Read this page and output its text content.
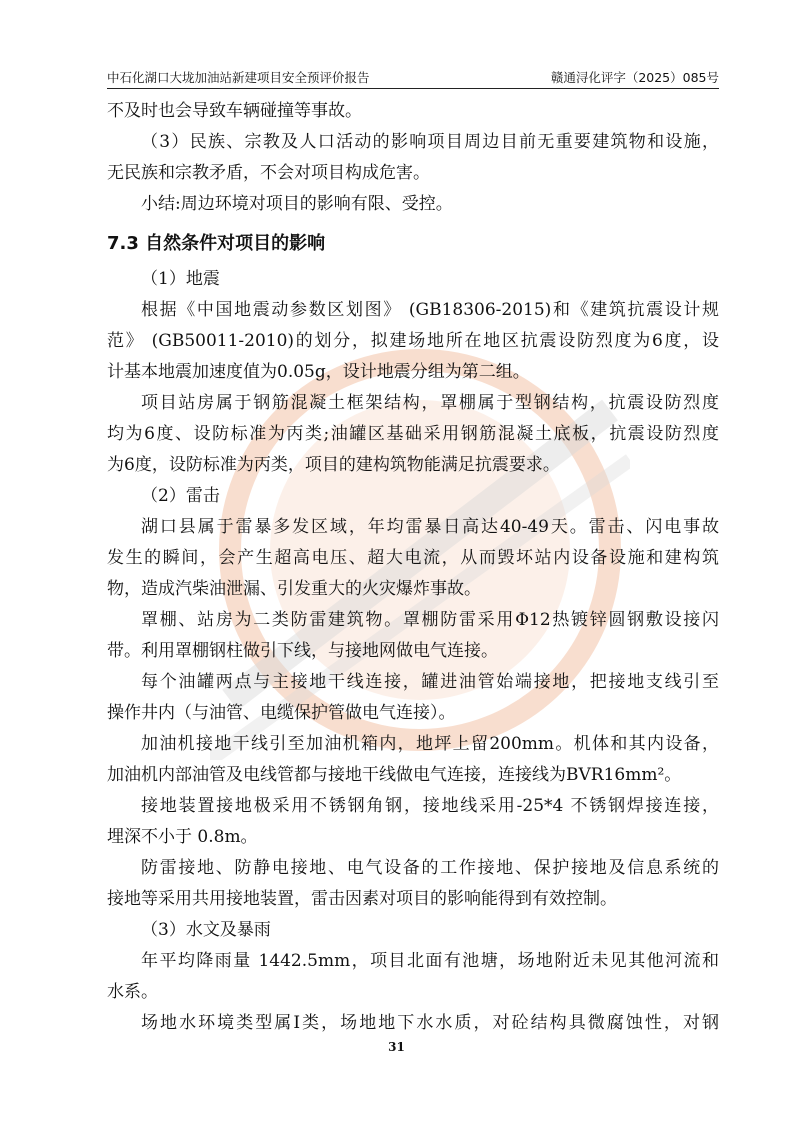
中石化湖口大垅加油站新建项目安全预评价报告	赣通浔化评字（2025）085号
不及时也会导致车辆碰撞等事故。
（3）民族、宗教及人口活动的影响项目周边目前无重要建筑物和设施，
无民族和宗教矛盾，不会对项目构成危害。
小结:周边环境对项目的影响有限、受控。
7.3 自然条件对项目的影响
（1）地震
根据《中国地震动参数区划图》 (GB18306-2015)和《建筑抗震设计规
范》 (GB50011-2010)的划分，拟建场地所在地区抗震设防烈度为6度，设
计基本地震加速度值为0.05g，设计地震分组为第二组。
项目站房属于钢筋混凝土框架结构，罩棚属于型钢结构，抗震设防烈度
均为6度、设防标准为丙类;油罐区基础采用钢筋混凝土底板，抗震设防烈度
为6度，设防标准为丙类，项目的建构筑物能满足抗震要求。
（2）雷击
湖口县属于雷暴多发区域，年均雷暴日高达40-49天。雷击、闪电事故
发生的瞬间，会产生超高电压、超大电流，从而毁坏站内设备设施和建构筑
物，造成汽柴油泄漏、引发重大的火灾爆炸事故。
罩棚、站房为二类防雷建筑物。罩棚防雷采用Φ12热镀锌圆钢敷设接闪
带。利用罩棚钢柱做引下线，与接地网做电气连接。
每个油罐两点与主接地干线连接，罐进油管始端接地，把接地支线引至
操作井内（与油管、电缆保护管做电气连接）。
加油机接地干线引至加油机箱内，地坪上留200mm。机体和其内设备，
加油机内部油管及电线管都与接地干线做电气连接，连接线为BVR16mm²。
接地装置接地极采用不锈钢角钢，接地线采用-25*4 不锈钢焊接连接，
埋深不小于 0.8m。
防雷接地、防静电接地、电气设备的工作接地、保护接地及信息系统的
接地等采用共用接地装置，雷击因素对项目的影响能得到有效控制。
（3）水文及暴雨
年平均降雨量 1442.5mm，项目北面有池塘，场地附近未见其他河流和
水系。
场地水环境类型属Ⅰ类，场地地下水水质，对砼结构具微腐蚀性，对钢
31
